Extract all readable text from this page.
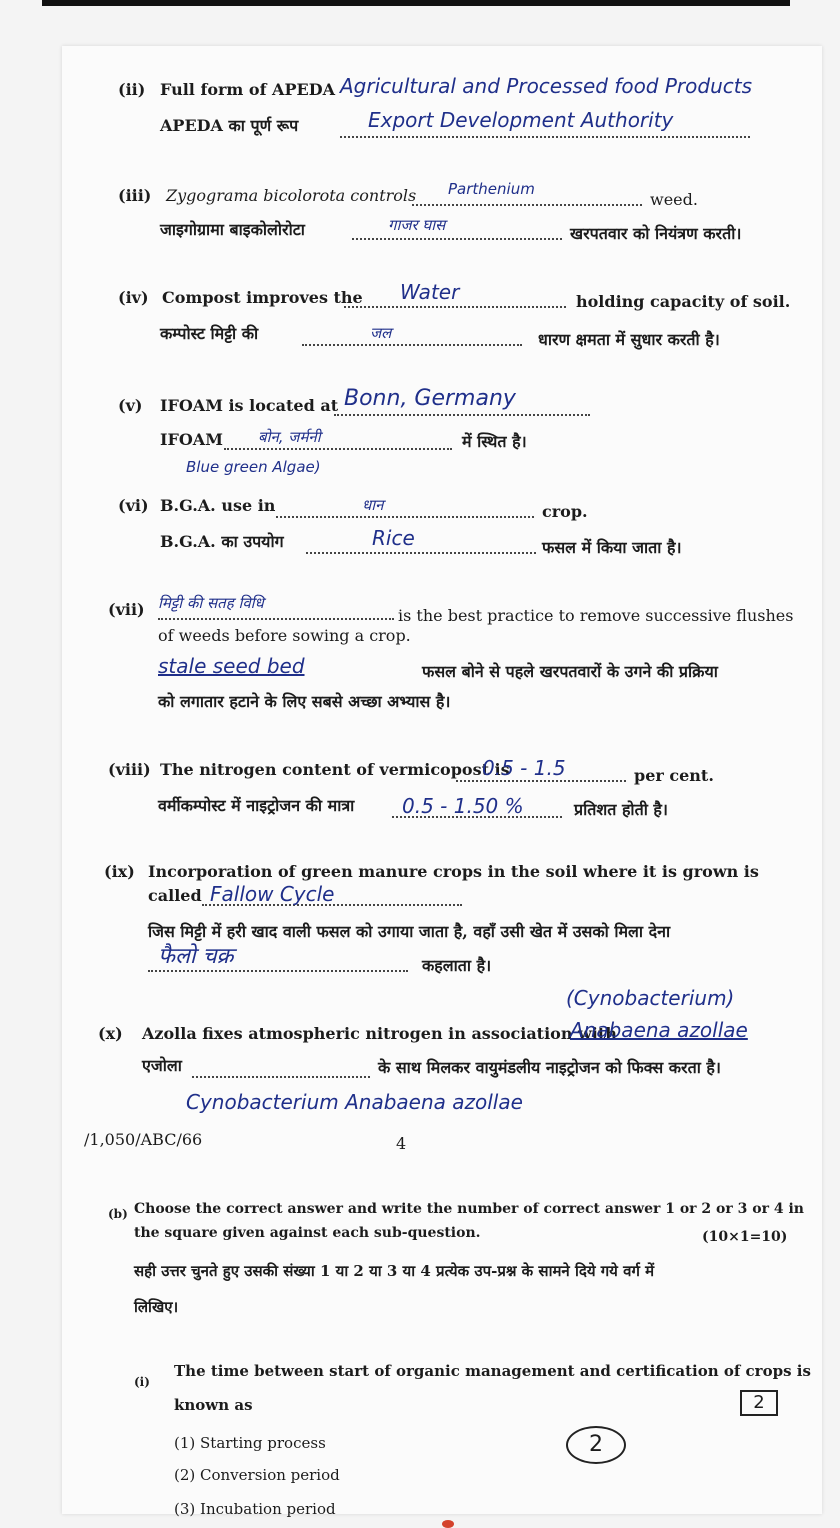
(ii) Full form of APEDA Agricultural and Processed food Products
APEDA का पूर्ण रूप	Export Development Authority
(iii) Zygograma bicolorota controls Parthenium
weed.
जाइगोग्रामा बाइकोलोरोटा	गाजर घास	खरपतवार को नियंत्रण करती।
(iv) Compost improves the Water	holding capacity of soil.
कम्पोस्ट मिट्टी की	जल	धारण क्षमता में सुधार करती है।
(v) IFOAM is located at Bonn, Germany
IFOAM बोन, जर्मनी	में स्थित है।
Blue green Algae)
(vi) B.G.A. use in	धान	crop.
B.G.A. का उपयोग	Rice	फसल में किया जाता है।
(vii) मिट्टी की सतह विधि
is the best practice to remove successive flushes
of weeds before sowing a crop.
stale seed bed	फसल बोने से पहले खरपतवारों के उगने की प्रक्रिया
को लगातार हटाने के लिए सबसे अच्छा अभ्यास है।
(viii) The nitrogen content of vermicopost is
0.5 - 1.5	per cent.
वर्मीकम्पोस्ट में नाइट्रोजन की मात्रा 0.5 - 1.50 %	प्रतिशत होती है।
(ix) Incorporation of green manure crops in the soil where it is grown is
called Fallow Cycle
जिस मिट्टी में हरी खाद वाली फसल को उगाया जाता है, वहाँ उसी खेत में उसको मिला देना
फैलो चक्र	कहलाता है।
(Cynobacterium)
(x) Azolla fixes atmospheric nitrogen in association with
Anabaena azollae
एजोला	के साथ मिलकर वायुमंडलीय नाइट्रोजन को फिक्स करता है।
Cynobacterium Anabaena azollae
/1,050/ABC/66	4
(b) Choose the correct answer and write the number of correct answer 1 or 2 or 3 or 4 in
the square given against each sub-question.	(10×1=10)
सही उत्तर चुनते हुए उसकी संख्या 1 या 2 या 3 या 4 प्रत्येक उप-प्रश्न के सामने दिये गये वर्ग में
लिखिए।
(i)
The time between start of organic management and certification of crops is
known as	2
(1) Starting process	2
(2) Conversion period
(3) Incubation period
